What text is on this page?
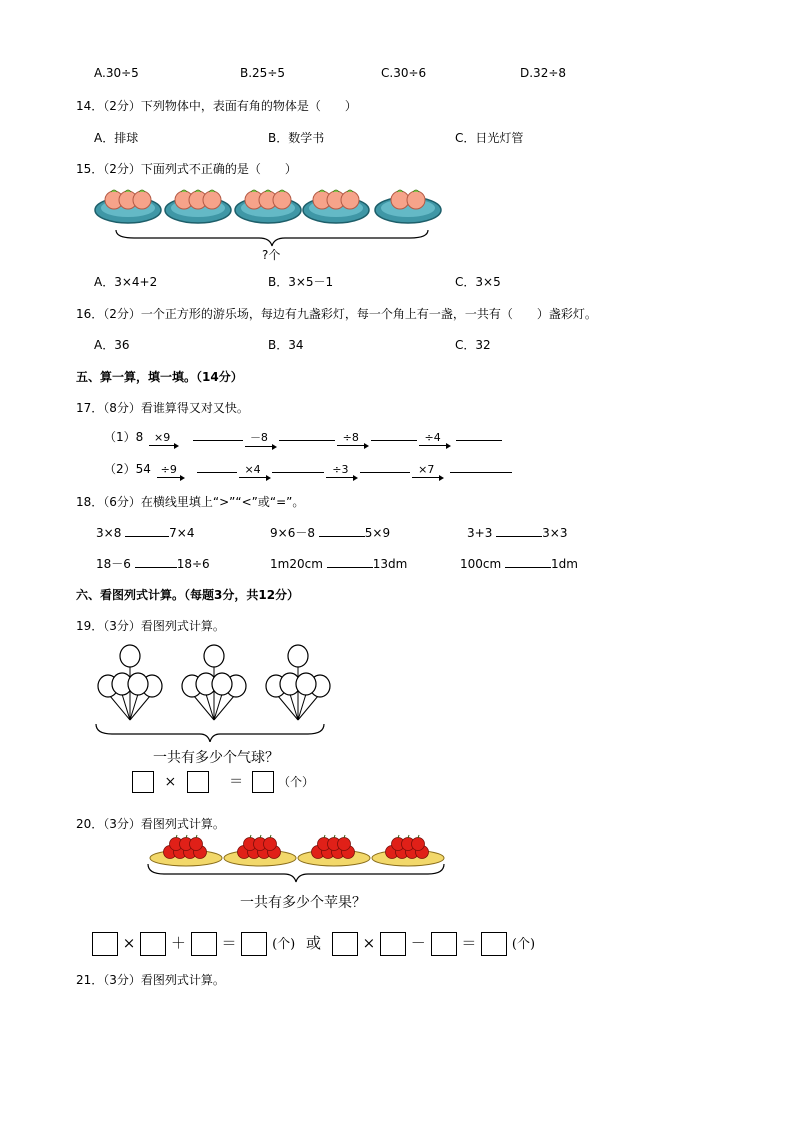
A.30÷5	B.25÷5	C.30÷6	D.32÷8
14．（2分）下列物体中，表面有角的物体是（　　）
A．排球	B．数学书	C．日光灯管
15．（2分）下面列式不正确的是（　　）
?个
A．3×4+2	B．3×5－1	C．3×5
16．（2分）一个正方形的游乐场，每边有九盏彩灯，每一个角上有一盏，一共有（　　）盏彩灯。
A．36	B．34	C．32
五、算一算，填一填。（14分）
17．（8分）看谁算得又对又快。
（1）8 ×9	－8	÷8	÷4
（2）54 ÷9	×4	÷3	×7
18．（6分）在横线里填上“>”“<”或“=”。
3×8	7×4	9×6－8	5×9	3+3	3×3
18－6	18÷6	1m20cm	13dm	100cm	1dm
六、看图列式计算。（每题3分，共12分）
19．（3分）看图列式计算。
一共有多少个气球？
×	＝	（个）
20．（3分）看图列式计算。
一共有多少个苹果？
× ＋ ＝	(个) 或	× － ＝	(个)
21．（3分）看图列式计算。
